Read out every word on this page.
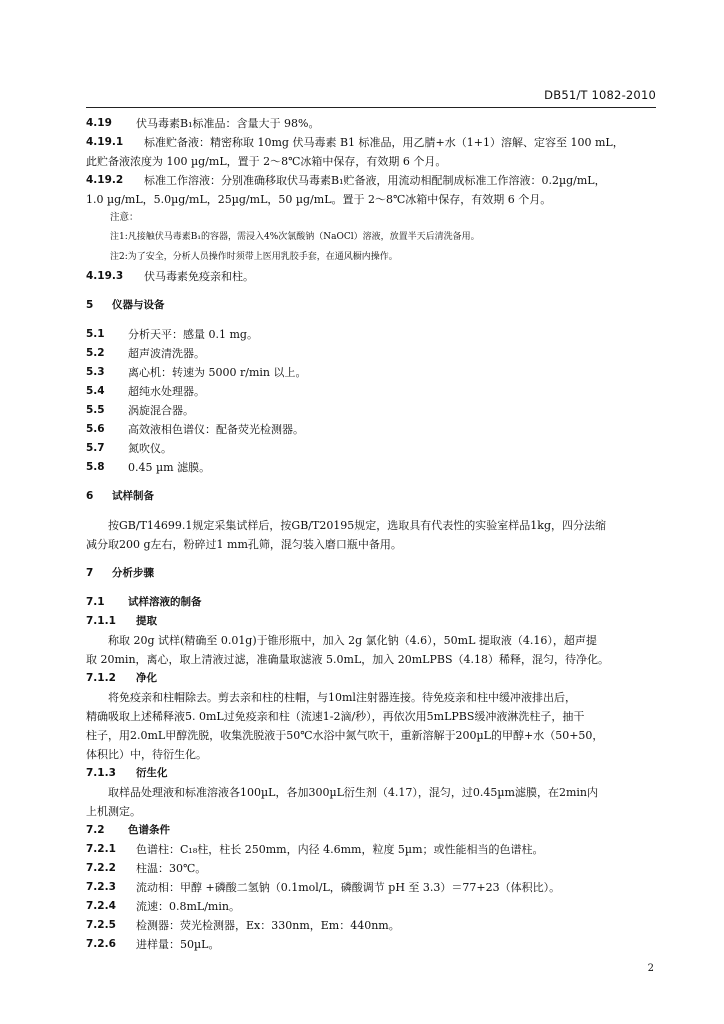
DB51/T 1082-2010
4.19	伏马毒素B₁标准品：含量大于 98%。
4.19.1	标准贮备液：精密称取 10mg 伏马毒素 B1 标准品，用乙腈+水（1+1）溶解、定容至 100 mL，
此贮备液浓度为 100 µg/mL，置于 2～8℃冰箱中保存，有效期 6 个月。
4.19.2	标准工作溶液：分别准确移取伏马毒素B₁贮备液，用流动相配制成标准工作溶液：0.2µg/mL，
1.0 µg/mL，5.0µg/mL，25µg/mL，50 µg/mL。置于 2～8℃冰箱中保存，有效期 6 个月。
注意：
注1:凡接触伏马毒素B₁的容器，需浸入4%次氯酸钠（NaOCl）溶液，放置半天后清洗备用。
注2:为了安全，分析人员操作时须带上医用乳胶手套，在通风橱内操作。
4.19.3	伏马毒素免疫亲和柱。
5	仪器与设备
5.1	分析天平：感量 0.1 mg。
5.2	超声波清洗器。
5.3	离心机：转速为 5000 r/min 以上。
5.4	超纯水处理器。
5.5	涡旋混合器。
5.6	高效液相色谱仪：配备荧光检测器。
5.7	氮吹仪。
5.8	0.45 µm 滤膜。
6	试样制备
按GB/T14699.1规定采集试样后，按GB/T20195规定，选取具有代表性的实验室样品1kg，四分法缩
减分取200 g左右，粉碎过1 mm孔筛，混匀装入磨口瓶中备用。
7	分析步骤
7.1	试样溶液的制备
7.1.1	提取
称取 20g 试样(精确至 0.01g)于锥形瓶中，加入 2g 氯化钠（4.6），50mL 提取液（4.16），超声提
取 20min，离心，取上清液过滤，准确量取滤液 5.0mL，加入 20mLPBS（4.18）稀释，混匀，待净化。
7.1.2	净化
将免疫亲和柱帽除去。剪去亲和柱的柱帽，与10ml注射器连接。待免疫亲和柱中缓冲液排出后，
精确吸取上述稀释液5. 0mL过免疫亲和柱（流速1-2滴/秒），再依次用5mLPBS缓冲液淋洗柱子，抽干
柱子，用2.0mL甲醇洗脱，收集洗脱液于50℃水浴中氮气吹干，重新溶解于200µL的甲醇+水（50+50，
体积比）中，待衍生化。
7.1.3	衍生化
取样品处理液和标准溶液各100µL，各加300µL衍生剂（4.17），混匀，过0.45µm滤膜，在2min内
上机测定。
7.2	色谱条件
7.2.1	色谱柱：C₁₈柱，柱长 250mm，内径 4.6mm，粒度 5µm；或性能相当的色谱柱。
7.2.2	柱温：30℃。
7.2.3	流动相：甲醇 +磷酸二氢钠（0.1mol/L，磷酸调节 pH 至 3.3）＝77+23（体积比）。
7.2.4	流速：0.8mL/min。
7.2.5	检测器：荧光检测器，Ex：330nm，Em：440nm。
7.2.6	进样量：50µL。
2
